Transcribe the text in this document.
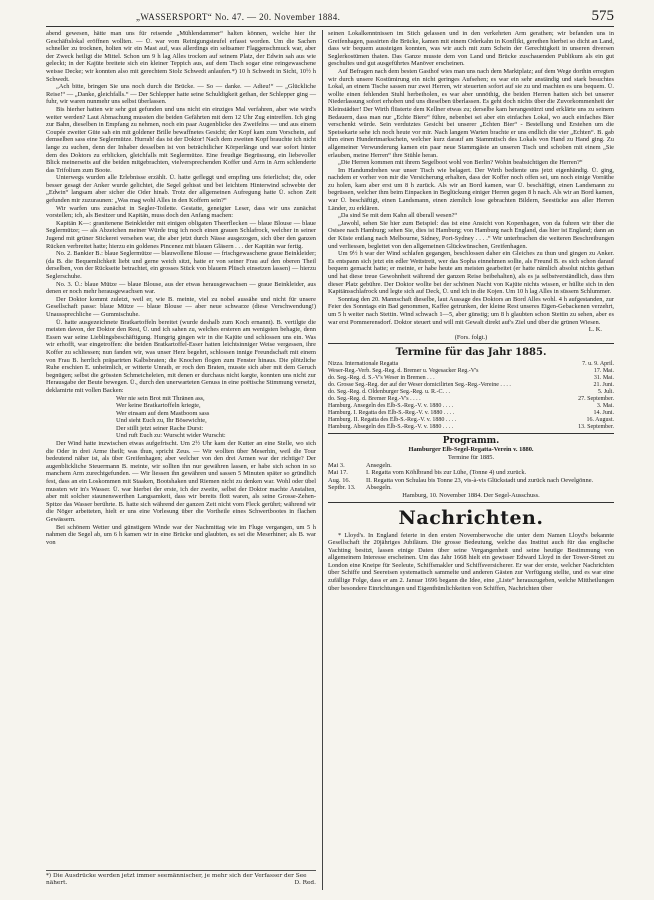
„WASSERSPORT“ No. 47. — 20. November 1884.	575

abend gewesen, hätte man uns für reisende „Mühlendammer“ halten können, welche hier ihr Geschäftslokal eröffnen wollten. — Ü. war vom Reinigungsteufel erfasst worden. Um die Sachen schneller zu trocknen, holten wir ein Mast auf, was allerdings ein seltsamer Flaggenschmuck war, aber der Zweck heiligt die Mittel. Schon um 9 h lag Alles trocken auf seinem Platz, der Edwin sah aus wie geleckt; in der Kajüte breitete sich ein kleiner Teppich aus, auf dem Tisch sogar eine reingewaschene weisse Decke; wir konnten also mit gerechtem Stolz Schwedt anlaufen.*) 10 h Schwedt in Sicht, 10½ h Schwedt.

„Ach bitte, bringen Sie uns noch durch die Brücke. — So — danke. — Adieu!“ — „Glückliche Reise!“ — „Danke, gleichfalls.“ — Der Schlepper hatte seine Schuldigkeit gethan, der Schlepper ging — fuhr, wir waren nunmehr uns selbst überlassen.

Bis hierher hatten wir sehr gut gefunden und uns nicht ein einziges Mal verfahren, aber wie wird's weiter werden? Laut Abmachung mussten die beiden Gefährten mit dem 12 Uhr Zug eintreffen. Ich ging zur Bahn, dieselben in Empfang zu nehmen, noch ein paar Augenblicke des Zweifelns — und aus einem Coupée zweiter Güte sah ein mit goldener Brille bewaffnetes Gesicht; der Kopf kam zum Vorschein, auf demselben sass eine Seglermütze. Hurrah! das ist der Doktor! Nach dem zweiten Kopf brauchte ich nicht lange zu suchen, denn der Inhaber desselben ist von beträchtlicher Körperlänge und war sofort hinter dem des Doktors zu erblicken, gleichfalls mit Seglermütze. Eine freudige Begrüssung, ein liebevoller Blick meinerseits auf die beiden mitgebrachten, vielversprechenden Koffer und Arm in Arm schlenderte das Trifolium zum Boote.

Unterwegs wurden alle Erlebnisse erzählt. Ü. hatte gefleggt und empfing uns feierlichst; die, oder besser gesagt der Anker wurde gelichtet, die Segel gehisst und bei leichtem Hinterwind schwebte der „Edwin“ langsam aber sicher die Oder hinab. Trotz der allgemeinen Aufregung hatte Ü. schon Zeit gefunden mir zuzuraunen: „Was mag wohl Alles in den Koffern sein?“

Wir warfen uns zunächst in Segler-Toilette. Gestatte, geneigter Leser, dass wir uns zunächst vorstellen; ich, als Besitzer und Kapitän, muss doch den Anfang machen:

Kapitän K—: granitenene Beinkleider mit einigen obligaten Theerflecken — blaue Blouse — blaue Seglermütze; — als Abzeichen meiner Würde trug ich noch einen grauen Schlafrock, welcher in seiner Jugend mit grüner Stickerei versehen war, die aber jetzt durch Nässe ausgezogen, sich über den ganzen Rücken verbreitet hatte; hierzu ein goldenes Pincenez mit blauen Gläsern . . . der Kapitän war fertig.

No. 2. Bankier B.: blaue Seglermütze — blauwollene Blouse — frischgewaschene graue Beinkleider; (da B. die Bequemlichkeit liebt und gerne weich sitzt, hatte er von seiner Frau auf den oberen Theil derselben, von der Rückseite betrachtet, ein grosses Stück von blauem Plüsch einsetzen lassen) — hierzu Seglerschuhe.

No. 3. Ü.: blaue Mütze — blaue Blouse, aus der etwas herausgewachsen — graue Beinkleider, aus denen er noch mehr herausgewachsen war.

Der Doktor kommt zuletzt, weil er, wie B. meinte, viel zu nobel aussähe und nicht für unsere Gesellschaft passe: blaue Mütze — blaue Blouse — aber neue schwarze (diese Verschwendung!) Unaussprechliche — Gummischuhe.

Ü. hatte ausgezeichnete Bratkartoffeln bereitet (wurde deshalb zum Koch ernannt). B. vertilgte die meisten davon, der Doktor den Rest, Ü. und ich sahen zu, welches ersteren am wenigsten behagte, denn Essen war seine Lieblingsbeschäftigung. Hungrig gingen wir in die Kajüte und schlossen uns ein. Was wir erhofft, war eingetroffen: die beiden Bratkartoffel-Esser hatten leichtsinniger Weise vergessen, ihre Koffer zu schliessen; nun fanden wir, was unser Herz begehrt, schlossen innige Freundschaft mit einem von Frau B. herrlich präparirten Kalbsbraten; die Knochen flogen zum Fenster hinaus. Die plötzliche Ruhe erschien E. unheimlich, er witterte Unrath, er roch den Braten, musste sich aber mit dem Geruch begnügen; selbst die grössten Schmeicheleien, mit denen er durchaus nicht kargte, konnten uns nicht zur Herausgabe der Beute bewegen. Ü., durch den unerwarteten Genuss in eine poëtische Stimmung versetzt, deklamirte mit vollen Backen:

Wer nie sein Brot mit Thränen ass,

Wer keine Bratkartoffeln kriegte,

Wer einsam auf dem Mastboom sass

Und sieht Euch zu, Ihr Bösewichte,

Der stillt jetzt seiner Rache Durst:

Und ruft Euch zu: Wurscht wider Wurscht:

Der Wind hatte inzwischen etwas aufgefrischt. Um 2½ Uhr kam der Kutter an eine Stelle, wo sich die Oder in drei Arme theilt; was thun, spricht Zeus. — Wir wollten über Meserhin, weil die Tour bedeutend näher ist, als über Greifenhagen; aber welcher von den drei Armen war der richtige? Der augenblickliche Steuermann B. meinte, wir sollten ihn nur gewähren lassen, er habe sich schon in so manchem Arm zurechtgefunden. — Wir liessen ihn gewähren und sassen 5 Minuten später so gründlich fest, dass an ein Loskommen mit Staaken, Bootshaken und Riemen nicht zu denken war. Wohl oder übel mussten wir in's Wasser. Ü. war hierbei der erste, ich der zweite, selbst der Doktor machte Anstalten, aber mit solcher staunenswerthen Langsamkeit, dass wir bereits flott waren, als seine Grosse-Zehen-Spitze das Wasser berührte. B. hatte sich während der ganzen Zeit nicht vom Fleck gerührt; während wir die Nöger arbeiteten, hielt er uns eine Vorlesung über die Vortheile eines Schwertbootes in flachen Gewässern.

Bei schönem Wetter und günstigem Winde war der Nachmittag wie im Fluge vergangen, um 5 h nahmen die Segel ab, um 6 h kamen wir in eine Brücke und glaubten, es sei die Meserhiner; als B. war von

*) Die Ausdrücke werden jetzt immer seemännischer, je mehr sich der Verfasser der See nähert.	D. Red.

seinen Lokalkenntnissen im Stich gelassen und in den verkehrten Arm gerathen; wir befanden uns in Greifenhagen, passirten die Brücke, kamen mit einem Oderkahn in Konflikt, gerethen hierbei so dicht an Land, dass wir bequem aussteigen konnten, was wir auch mit zum Schein der Gerechtigkeit in unseren diversen Seglerkostümen thaten. Das Ganze musste dem von Land und Brücke zuschauenden Publikum als ein gut geschultes und gut ausgeführtes Manöver erscheinen.

Auf Befragen nach dem besten Gasthof wies man uns nach dem Marktplatz; auf dem Wege dorthin erregten wir durch unsere Kostümirung ein nicht geringes Aufsehen; es war ein sehr anständig und stark besuchtes Lokal, an einem Tische sassen nur zwei Herren, wir steuerten sofort auf sie zu und machten es uns bequem. Ü. wollte einen fehlenden Stuhl herbeiholen, es war aber unnöthig, die beiden Herren hatten sich bei unserer Niederlassung sofort erhoben und uns dieselben überlassen. Es geht doch nichts über die Zuvorkommenheit der Kleinstädter! Der Wirth flüsterte dem Kellner etwas zu; derselbe kam herangestürzt und erklärte uns zu seinem Bedauern, dass man nur „Echte Biere“ führe, nebenbei sei aber ein einfaches Lokal, wo auch einfaches Bier verschenkt würde. Sein verdutztes Gesicht bei unserer „Echten Bier“ - Bestellung und Erstehen um die Speisekarte sehe ich noch heute vor mir. Nach langem Warten brachte er uns endlich die vier „Echten“. B. gab ihm einen Hundertmarkschein, welcher kurz darauf am Stammtisch des Lokals von Hand zu Hand ging. Zu allgemeiner Verwunderung kamen ein paar neue Stammgäste an unseren Tisch und schoben mit einem „Sie erlauben, meine Herren“ ihre Stühle heran.

„Die Herren kommen mit ihrem Segelboot wohl von Berlin? Wohin beabsichtigen die Herren?“

Im Handumdrehen war unser Tisch wie belagert. Der Wirth bediente uns jetzt eigenhändig. Ü. ging, nachdem er vorher von mir die Versicherung erhalten, dass der Koffer noch offen sei, um noch einige Vorräthe zu holen, kam aber erst um 8 h zurück. Als wir an Bord kamen, war Ü. beschäftigt, einen Landsmann zu begrüssen, welcher ihm beim Einpacken in Beglückung einiger Herren gegen 8 h nach. Als wir an Bord kamen, war Ü. beschäftigt, einen Landsmann, einen ziemlich lose gebrachten Bildern, Seestücke aus aller Herren Länder, zu erklären.

„Da sind Se mit dem Kahn all überall wesen?“

„Jawohl, sehen Sie hier zum Beispiel: das ist eine Ansicht von Kopenhagen, von da fuhren wir über die Ostsee nach Hamburg; sehen Sie, dies ist Hamburg; von Hamburg nach England, das hier ist England; dann an der Küste entlang nach Melbourne, Sidney, Port-Sydney . . . .“ Wir unterbrachen die weiteren Beschreibungen und verliessen, begleitet von den allgemeinen Glückwünschen, Greifenhagen.

Um 9½ h war der Wind schlafen gegangen, beschlossen daher ein Gleiches zu thun und gingen zu Anker. Es entspann sich jetzt ein edler Wettstreit, wer das Sopha einnehmen sollte, als Freund B. es sich schon darauf bequem gemacht hatte; er meinte, er habe heute am meisten gearbeitet (er hatte nämlich absolut nichts gethan und hat diese treue Gewohnheit während der ganzen Reise beibehalten), als es ja selbstverständlich, dass ihm dieser Platz gebühre. Der Doktor wollte bei der schönen Nacht von Kajüte nichts wissen, er hüllte sich in den Kapitänsschlafrock und legte sich auf Deck, Ü. und ich in die Kojen. Um 10 h lag Alles in süssem Schlummer.

Sonntag den 20. Mannschaft dieselbe, laut Aussage des Doktors an Bord Alles wohl. 4 h aufgestanden, zur Feier des Sonntags ein Bad genommen, Kaffee getrunken, der kleine Rest unseres Eigen-Gebackenen verzehrt, um 5 h weiter nach Stettin. Wind schwach 1—5, aber günstig; um 8 h glaubten schon Stettin zu sehen, aber es war erst Pommerensdorf. Doktor steuert und will mit Gewalt direkt auf's Ziel und über die grünen Wiesen.

L. K.

(Fors. folgt.)

Termine für das Jahr 1885.
Nizza. Internationale Regatta	7. u. 9. April.
Weser-Reg.-Verb. Seg.-Reg. d. Bremer u. Vegesacker Reg.-V's	17. Mai.
do. Seg.-Reg. d. S.-V's Weser in Bremen . . .	31. Mai.
do. Grosse Seg.-Reg. der auf der Weser domicilirten Seg.-Reg.-Vereine . . . .	21. Juni.
do. Seg.-Reg. d. Oldenburger Seg.-Reg. u. R.-C. . .	5. Juli.
do. Seg.-Reg. d. Bremer Reg.-V's . . . .	27. September.
Hamburg. Ansegeln des Elb-S.-Reg.-V. v. 1880 . . . .	3. Mai.
Hamburg. I. Regatta des Elb-S.-Reg.-V. v. 1880 . . . .	14. Juni.
Hamburg. II. Regatta des Elb-S.-Reg.-V. v. 1880 . . . .	16. August.
Hamburg. Absegeln des Elb-S.-Reg.-V. v. 1880 . . . .	13. September.
Programm.

Hamburger Elb-Segel-Regatta-Verein v. 1880.

Termine für 1885.

Mai 3.	Ansegeln.
Mai 17.	I. Regatta vom Köhlbrand bis zur Lühe, (Tonne 4) und zurück.
Aug. 16.	II. Regatta von Schulau bis Tonne 23, vis-à-vis Glückstadt und zurück nach Oevelgönne.
Septbr. 13.	Absegeln.

Hamburg, 10. November 1884. Der Segel-Ausschuss.

Nachrichten.

* Lloyd's. In England feierte in den ersten Novemberwoche die unter dem Namen Lloyd's bekannte Gesellschaft ihr 20jähriges Jubiläum. Die grosse Bedeutung, welche das Institut auch für das englische Yachting besitzt, lassen einige Daten über seine Vergangenheit und seine heutige Bestimmung von allgemeinem Interesse erscheinen. Um das Jahr 1668 hielt ein gewisser Edward Lloyd in der Tower-Street zu London eine Kneipe für Seeleute, Schiffsmakler und Schiffsversicherer. Er war der erste, welcher Nachrichten über Schiffe und Seereisen systematisch sammelte und anderen Gästen zur Verfügung stellte, und es war eine zufällige Folge, dass er am 2. Januar 1696 begann die Idee, eine „Liste“ herauszugeben, welche Mittheilungen über besondere Einrichtungen und Eigenthümlichkeiten von Schiffen, Nachrichten über
